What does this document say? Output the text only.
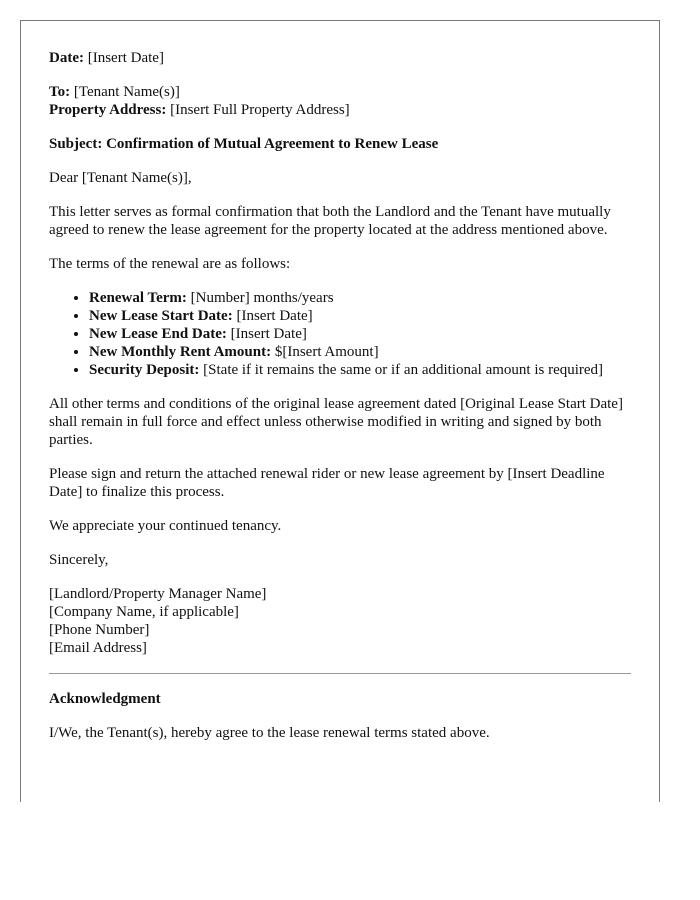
Date: [Insert Date]

To: [Tenant Name(s)]

Property Address: [Insert Full Property Address]

Subject: Confirmation of Mutual Agreement to Renew Lease

Dear [Tenant Name(s)],

This letter serves as formal confirmation that both the Landlord and the Tenant have mutually agreed to renew the lease agreement for the property located at the address mentioned above.

The terms of the renewal are as follows:

• Renewal Term: [Number] months/years
• New Lease Start Date: [Insert Date]
• New Lease End Date: [Insert Date]
• New Monthly Rent Amount: $[Insert Amount]
• Security Deposit: [State if it remains the same or if an additional amount is required]

All other terms and conditions of the original lease agreement dated [Original Lease Start Date] shall remain in full force and effect unless otherwise modified in writing and signed by both parties.

Please sign and return the attached renewal rider or new lease agreement by [Insert Deadline Date] to finalize this process.

We appreciate your continued tenancy.

Sincerely,

[Landlord/Property Manager Name]

[Company Name, if applicable]

[Phone Number]

[Email Address]

Acknowledgment

I/We, the Tenant(s), hereby agree to the lease renewal terms stated above.
